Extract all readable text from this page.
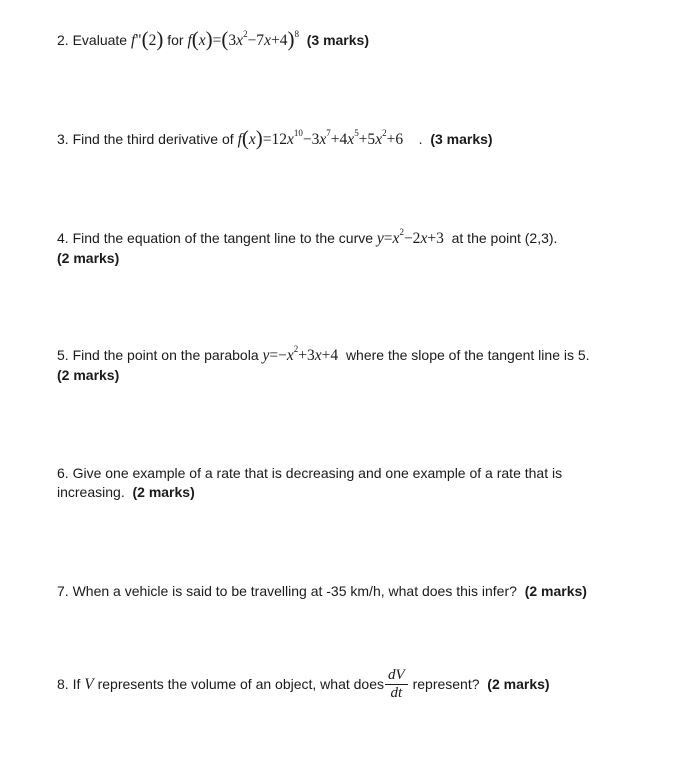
2. Evaluate f"(2) for $f(x)=(3x^2-7x+4)^8$ (3 marks)
3. Find the third derivative of $f(x)=12x^{10}-3x^7+4x^5+5x^2+6$ . (3 marks)
4. Find the equation of the tangent line to the curve $y=x^2-2x+3$ at the point (2,3).
(2 marks)
5. Find the point on the parabola $y=-x^2+3x+4$ where the slope of the tangent line is 5.
(2 marks)
6. Give one example of a rate that is decreasing and one example of a rate that is
increasing. (2 marks)
7. When a vehicle is said to be travelling at -35 km/h, what does this infer? (2 marks)
8. If V represents the volume of an object, what does $\frac{dV}{dt}$ represent? (2 marks)
